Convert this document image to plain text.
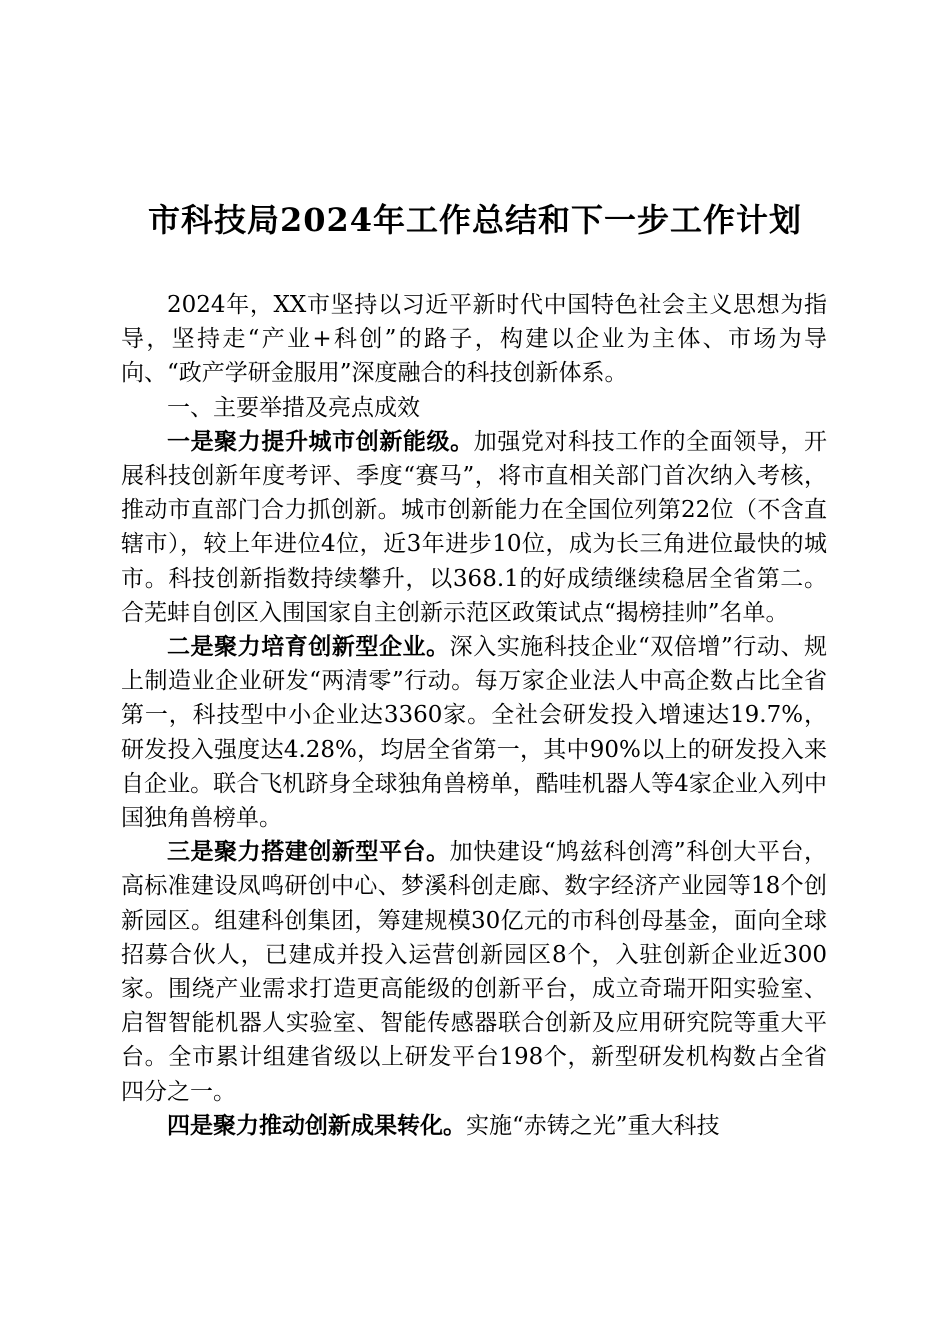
市科技局2024年工作总结和下一步工作计划

2024年，XX市坚持以习近平新时代中国特色社会主义思想为指导，坚持走“产业+科创”的路子，构建以企业为主体、市场为导向、“政产学研金服用”深度融合的科技创新体系。

一、主要举措及亮点成效

一是聚力提升城市创新能级。加强党对科技工作的全面领导，开展科技创新年度考评、季度“赛马”，将市直相关部门首次纳入考核，推动市直部门合力抓创新。城市创新能力在全国位列第22位（不含直辖市），较上年进位4位，近3年进步10位，成为长三角进位最快的城市。科技创新指数持续攀升，以368.1的好成绩继续稳居全省第二。合芜蚌自创区入围国家自主创新示范区政策试点“揭榜挂帅”名单。

二是聚力培育创新型企业。深入实施科技企业“双倍增”行动、规上制造业企业研发“两清零”行动。每万家企业法人中高企数占比全省第一，科技型中小企业达3360家。全社会研发投入增速达19.7%，研发投入强度达4.28%，均居全省第一，其中90%以上的研发投入来自企业。联合飞机跻身全球独角兽榜单，酷哇机器人等4家企业入列中国独角兽榜单。

三是聚力搭建创新型平台。加快建设“鸠兹科创湾”科创大平台，高标准建设凤鸣研创中心、梦溪科创走廊、数字经济产业园等18个创新园区。组建科创集团，筹建规模30亿元的市科创母基金，面向全球招募合伙人，已建成并投入运营创新园区8个，入驻创新企业近300家。围绕产业需求打造更高能级的创新平台，成立奇瑞开阳实验室、启智智能机器人实验室、智能传感器联合创新及应用研究院等重大平台。全市累计组建省级以上研发平台198个，新型研发机构数占全省四分之一。

四是聚力推动创新成果转化。实施“赤铸之光”重大科技
